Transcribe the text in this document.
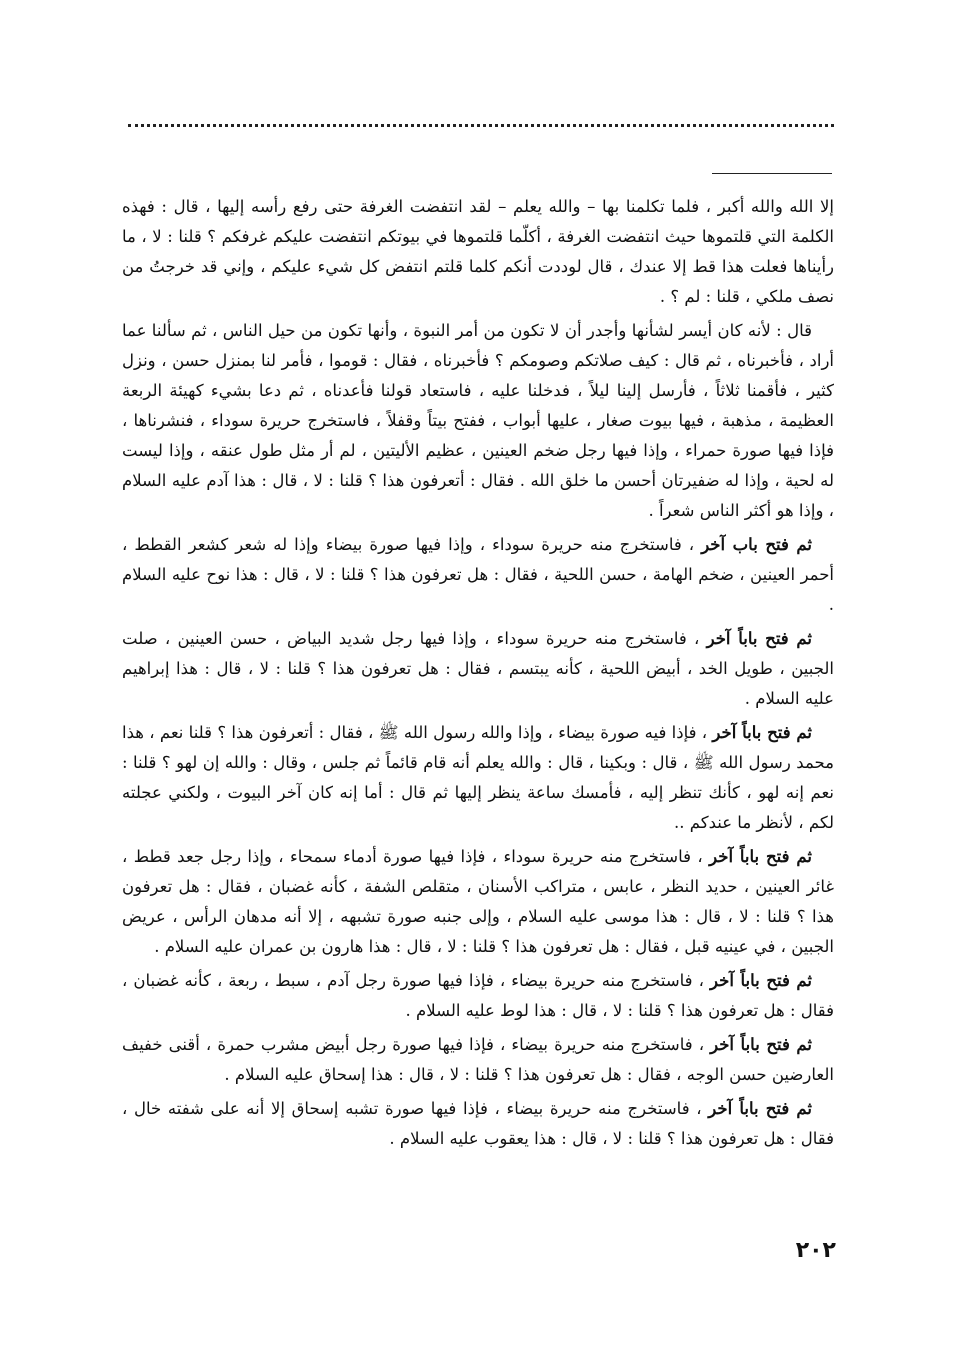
إلا الله والله أكبر ، فلما تكلمنا بها – والله يعلم – لقد انتفضت الغرفة حتى رفع رأسه إليها ، قال : فهذه الكلمة التي قلتموها حيث انتفضت الغرفة ، أكلّما قلتموها في بيوتكم انتفضت عليكم غرفكم ؟ قلنا : لا ، ما رأيناها فعلت هذا قط إلا عندك ، قال لوددت أنكم كلما قلتم انتفض كل شيء عليكم ، وإني قد خرجتُ من نصف ملكي ، قلنا : لم ؟ .

قال : لأنه كان أيسر لشأنها وأجدر أن لا تكون من أمر النبوة ، وأنها تكون من حيل الناس ، ثم سألنا عما أراد ، فأخبرناه ، ثم قال : كيف صلاتكم وصومكم ؟ فأخبرناه ، فقال : قوموا ، فأمر لنا بمنزل حسن ، ونزل كثير ، فأقمنا ثلاثاً ، فأرسل إلينا ليلاً ، فدخلنا عليه ، فاستعاد قولنا فأعدناه ، ثم دعا بشيء كهيئة الربعة العظيمة ، مذهبة ، فيها بيوت صغار ، عليها أبواب ، ففتح بيتاً وقفلاً ، فاستخرج حريرة سوداء ، فنشرناها ، فإذا فيها صورة حمراء ، وإذا فيها رجل ضخم العينين ، عظيم الأليتين ، لم أر مثل طول عنقه ، وإذا ليست له لحية ، وإذا له ضفيرتان أحسن ما خلق الله . فقال : أتعرفون هذا ؟ قلنا : لا ، قال : هذا آدم عليه السلام ، وإذا هو أكثر الناس شعراً .

ثم فتح باب آخر ، فاستخرج منه حريرة سوداء ، وإذا فيها صورة بيضاء وإذا له شعر كشعر القطط ، أحمر العينين ، ضخم الهامة ، حسن اللحية ، فقال : هل تعرفون هذا ؟ قلنا : لا ، قال : هذا نوح عليه السلام .

ثم فتح باباً آخر ، فاستخرج منه حريرة سوداء ، وإذا فيها رجل شديد البياض ، حسن العينين ، صلت الجبين ، طويل الخد ، أبيض اللحية ، كأنه يبتسم ، فقال : هل تعرفون هذا ؟ قلنا : لا ، قال : هذا إبراهيم عليه السلام .

ثم فتح باباً آخر ، فإذا فيه صورة بيضاء ، وإذا والله رسول الله ﷺ ، فقال : أتعرفون هذا ؟ قلنا نعم ، هذا محمد رسول الله ﷺ ، قال : وبكينا ، قال : والله يعلم أنه قام قائماً ثم جلس ، وقال : والله إن لهو ؟ قلنا : نعم إنه لهو ، كأنك تنظر إليه ، فأمسك ساعة ينظر إليها ثم قال : أما إنه كان آخر البيوت ، ولكني عجلته لكم ، لأنظر ما عندكم ..

ثم فتح باباً آخر ، فاستخرج منه حريرة سوداء ، فإذا فيها صورة أدماء سمحاء ، وإذا رجل جعد قطط ، غائر العينين ، حديد النظر ، عابس ، متراكب الأسنان ، متقلص الشفة ، كأنه غضبان ، فقال : هل تعرفون هذا ؟ قلنا : لا ، قال : هذا موسى عليه السلام ، وإلى جنبه صورة تشبهه ، إلا أنه مدهان الرأس ، عريض الجبين ، في عينيه قبل ، فقال : هل تعرفون هذا ؟ قلنا : لا ، قال : هذا هارون بن عمران عليه السلام .

ثم فتح باباً آخر ، فاستخرج منه حريرة بيضاء ، فإذا فيها صورة رجل آدم ، سبط ، ربعة ، كأنه غضبان ، فقال : هل تعرفون هذا ؟ قلنا : لا ، قال : هذا لوط عليه السلام .

ثم فتح باباً آخر ، فاستخرج منه حريرة بيضاء ، فإذا فيها صورة رجل أبيض مشرب حمرة ، أقنى خفيف العارضين حسن الوجه ، فقال : هل تعرفون هذا ؟ قلنا : لا ، قال : هذا إسحاق عليه السلام .

ثم فتح باباً آخر ، فاستخرج منه حريرة بيضاء ، فإذا فيها صورة تشبه إسحاق إلا أنه على شفته خال ، فقال : هل تعرفون هذا ؟ قلنا : لا ، قال : هذا يعقوب عليه السلام .

٢٠٢
